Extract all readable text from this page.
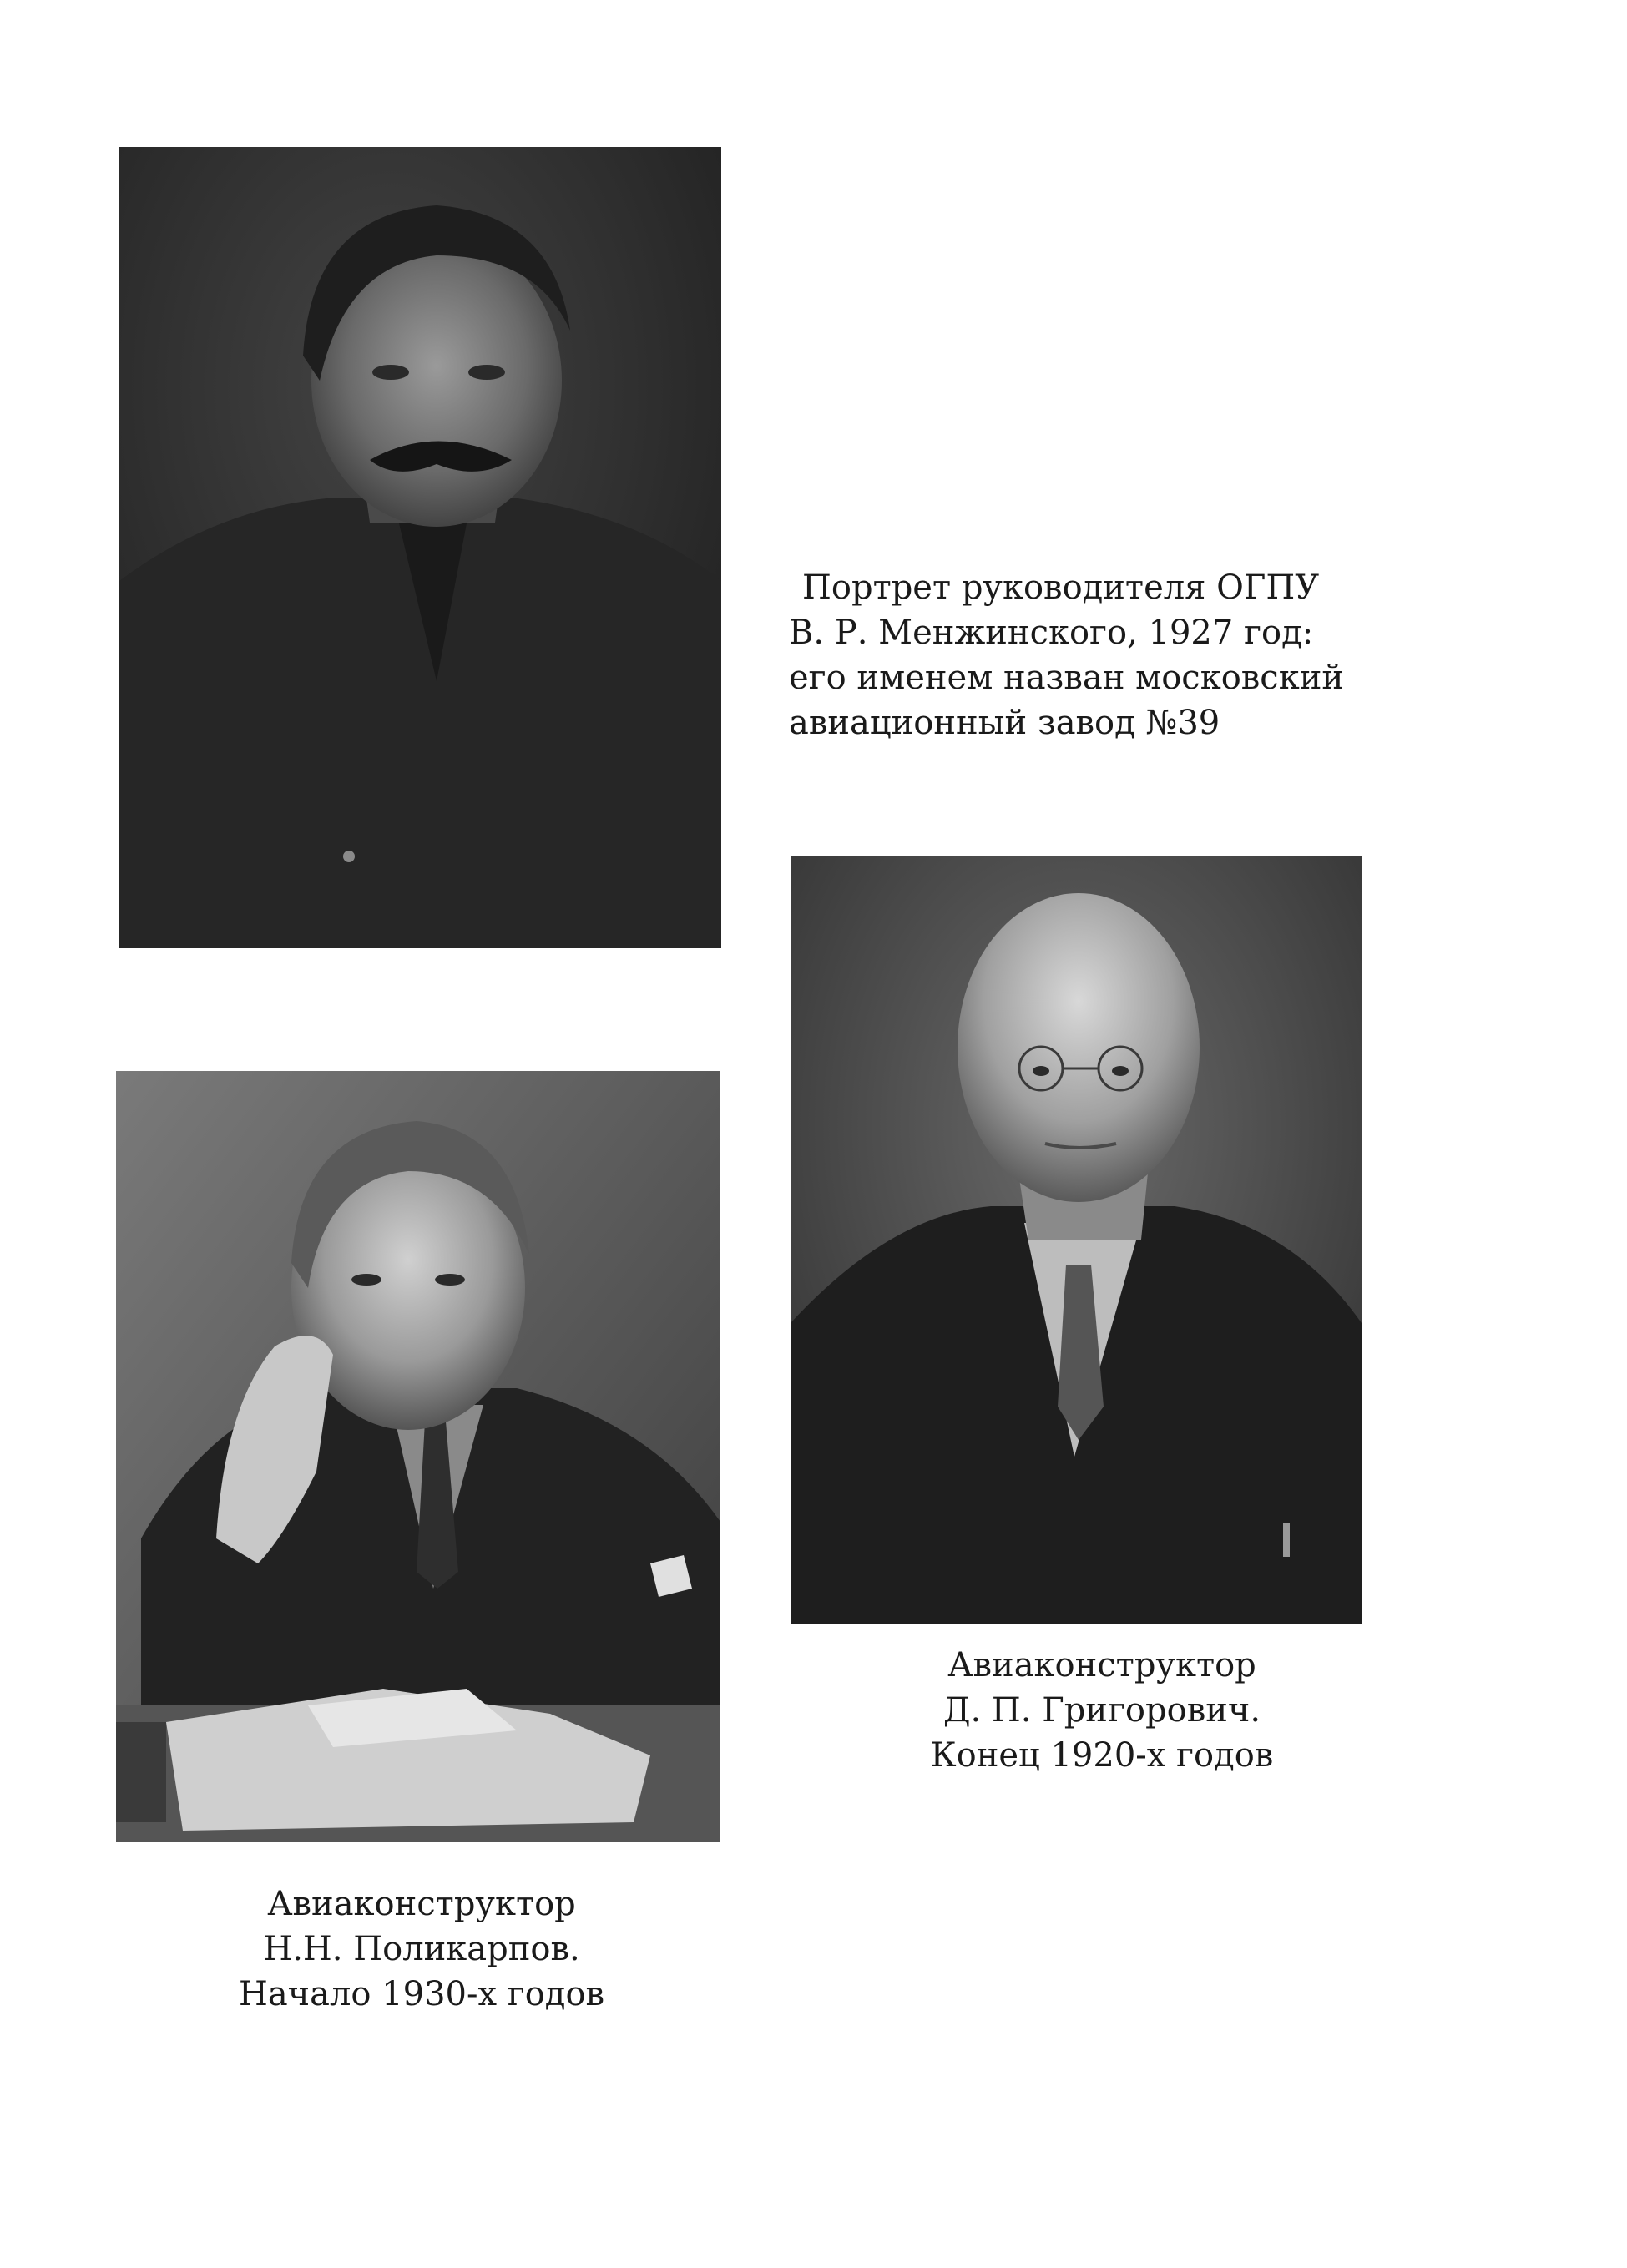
Портрет руководителя ОГПУ
В. Р. Менжинского, 1927 год:
его именем назван московский
авиационный завод №39

Авиаконструктор
Д. П. Григорович.
Конец 1920-х годов

Авиаконструктор
Н.Н. Поликарпов.
Начало 1930-х годов
